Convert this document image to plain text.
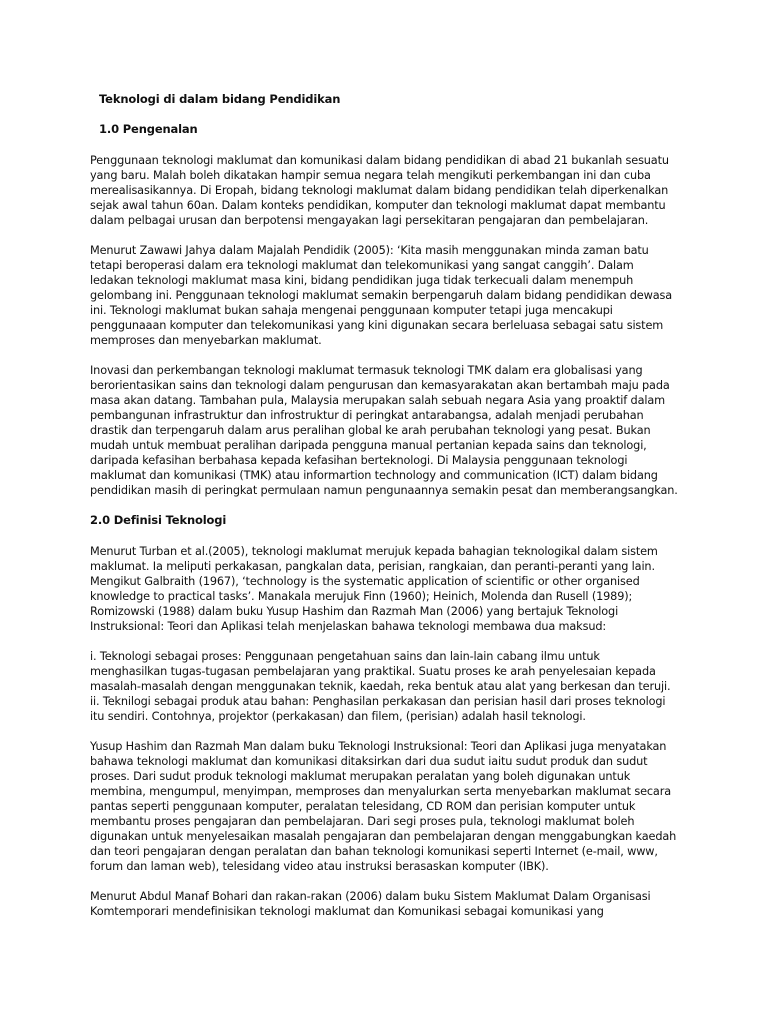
Teknologi di dalam bidang Pendidikan
1.0 Pengenalan
Penggunaan teknologi maklumat dan komunikasi dalam bidang pendidikan di abad 21 bukanlah sesuatu
yang baru. Malah boleh dikatakan hampir semua negara telah mengikuti perkembangan ini dan cuba
merealisasikannya. Di Eropah, bidang teknologi maklumat dalam bidang pendidikan telah diperkenalkan
sejak awal tahun 60an. Dalam konteks pendidikan, komputer dan teknologi maklumat dapat membantu
dalam pelbagai urusan dan berpotensi mengayakan lagi persekitaran pengajaran dan pembelajaran.
Menurut Zawawi Jahya dalam Majalah Pendidik (2005): ‘Kita masih menggunakan minda zaman batu
tetapi beroperasi dalam era teknologi maklumat dan telekomunikasi yang sangat canggih’. Dalam
ledakan teknologi maklumat masa kini, bidang pendidikan juga tidak terkecuali dalam menempuh
gelombang ini. Penggunaan teknologi maklumat semakin berpengaruh dalam bidang pendidikan dewasa
ini. Teknologi maklumat bukan sahaja mengenai penggunaan komputer tetapi juga mencakupi
penggunaaan komputer dan telekomunikasi yang kini digunakan secara berleluasa sebagai satu sistem
memproses dan menyebarkan maklumat.
Inovasi dan perkembangan teknologi maklumat termasuk teknologi TMK dalam era globalisasi yang
berorientasikan sains dan teknologi dalam pengurusan dan kemasyarakatan akan bertambah maju pada
masa akan datang. Tambahan pula, Malaysia merupakan salah sebuah negara Asia yang proaktif dalam
pembangunan infrastruktur dan infrostruktur di peringkat antarabangsa, adalah menjadi perubahan
drastik dan terpengaruh dalam arus peralihan global ke arah perubahan teknologi yang pesat. Bukan
mudah untuk membuat peralihan daripada pengguna manual pertanian kepada sains dan teknologi,
daripada kefasihan berbahasa kepada kefasihan berteknologi. Di Malaysia penggunaan teknologi
maklumat dan komunikasi (TMK) atau informartion technology and communication (ICT) dalam bidang
pendidikan masih di peringkat permulaan namun pengunaannya semakin pesat dan memberangsangkan.
2.0 Definisi Teknologi
Menurut Turban et al.(2005), teknologi maklumat merujuk kepada bahagian teknologikal dalam sistem
maklumat. Ia meliputi perkakasan, pangkalan data, perisian, rangkaian, dan peranti-peranti yang lain.
Mengikut Galbraith (1967), ‘technology is the systematic application of scientific or other organised
knowledge to practical tasks’. Manakala merujuk Finn (1960); Heinich, Molenda dan Rusell (1989);
Romizowski (1988) dalam buku Yusup Hashim dan Razmah Man (2006) yang bertajuk Teknologi
Instruksional: Teori dan Aplikasi telah menjelaskan bahawa teknologi membawa dua maksud:
i. Teknologi sebagai proses: Penggunaan pengetahuan sains dan lain-lain cabang ilmu untuk
menghasilkan tugas-tugasan pembelajaran yang praktikal. Suatu proses ke arah penyelesaian kepada
masalah-masalah dengan menggunakan teknik, kaedah, reka bentuk atau alat yang berkesan dan teruji.
ii. Teknilogi sebagai produk atau bahan: Penghasilan perkakasan dan perisian hasil dari proses teknologi
itu sendiri. Contohnya, projektor (perkakasan) dan filem, (perisian) adalah hasil teknologi.
Yusup Hashim dan Razmah Man dalam buku Teknologi Instruksional: Teori dan Aplikasi juga menyatakan
bahawa teknologi maklumat dan komunikasi ditaksirkan dari dua sudut iaitu sudut produk dan sudut
proses. Dari sudut produk teknologi maklumat merupakan peralatan yang boleh digunakan untuk
membina, mengumpul, menyimpan, memproses dan menyalurkan serta menyebarkan maklumat secara
pantas seperti penggunaan komputer, peralatan telesidang, CD ROM dan perisian komputer untuk
membantu proses pengajaran dan pembelajaran. Dari segi proses pula, teknologi maklumat boleh
digunakan untuk menyelesaikan masalah pengajaran dan pembelajaran dengan menggabungkan kaedah
dan teori pengajaran dengan peralatan dan bahan teknologi komunikasi seperti Internet (e-mail, www,
forum dan laman web), telesidang video atau instruksi berasaskan komputer (IBK).
Menurut Abdul Manaf Bohari dan rakan-rakan (2006) dalam buku Sistem Maklumat Dalam Organisasi
Komtemporari mendefinisikan teknologi maklumat dan Komunikasi sebagai komunikasi yang
